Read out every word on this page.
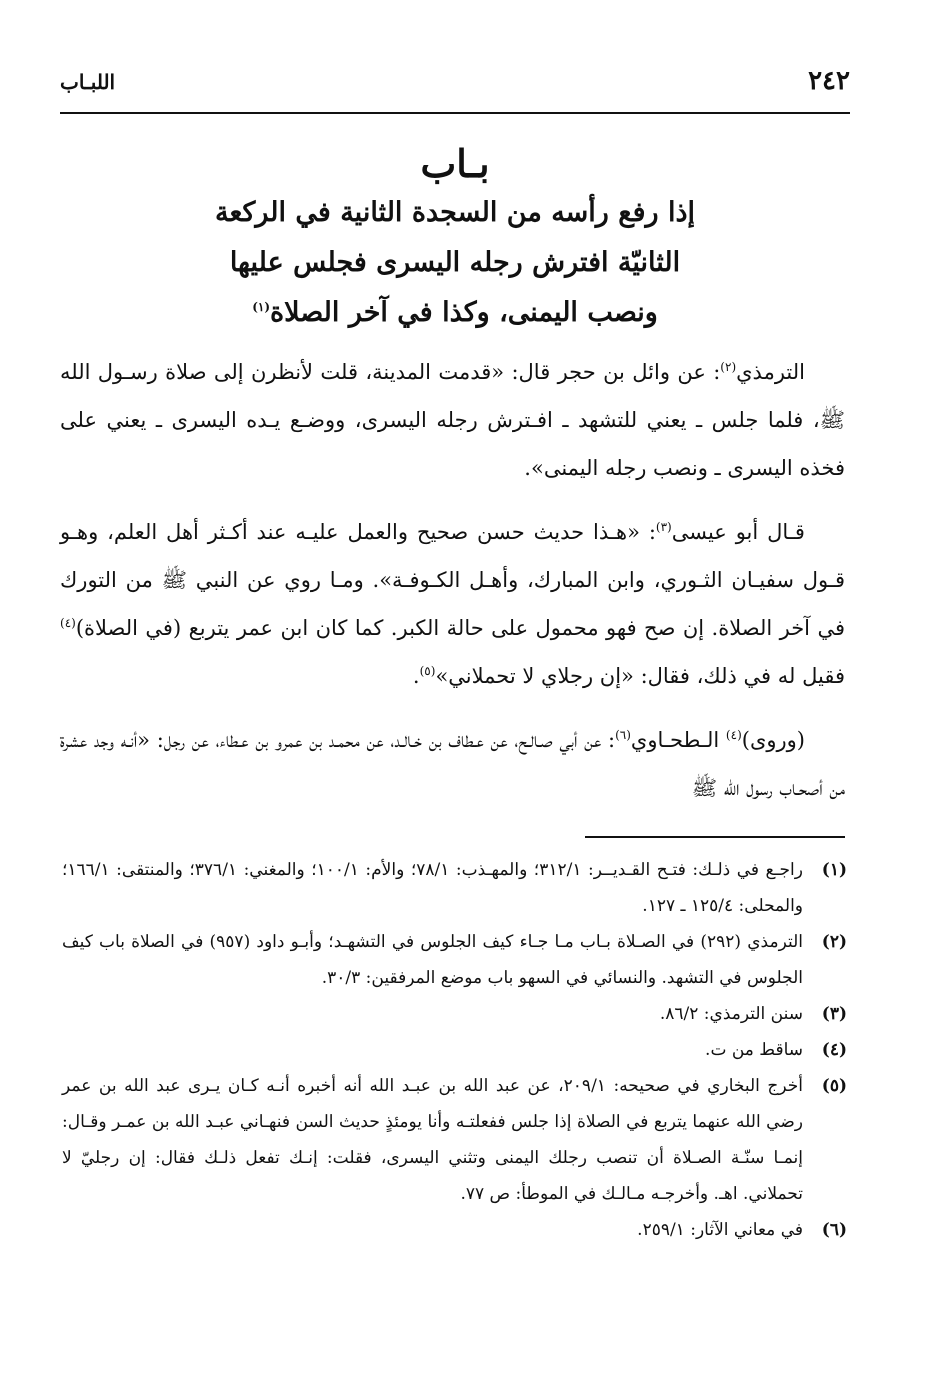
٢٤٢
اللبـاب
بـاب
إذا رفع رأسه من السجدة الثانية في الركعة
الثانيّة افترش رجله اليسرى فجلس عليها
ونصب اليمنى، وكذا في آخر الصلاة$^{(١)}$

الترمذي$^{(٢)}$: عن وائل بن حجر قال: «قدمت المدينة، قلت لأنظرن إلى صلاة رسـول الله ﷺ، فلما جلس ـ يعني للتشهد ـ افـترش رجله اليسرى، ووضـع يـده اليسرى ـ يعني على فخذه اليسرى ـ ونصب رجله اليمنى».

قـال أبو عيسى$^{(٣)}$: «هـذا حديث حسن صحيح والعمل عليـه عند أكـثر أهل العلم، وهـو قـول سفيـان الثـوري، وابن المبارك، وأهـل الكـوفـة». ومـا روي عن النبي ﷺ من التورك في آخر الصلاة. إن صح فهو محمول على حالة الكبر. كما كان ابن عمر يتربع (في الصلاة)$^{(٤)}$ فقيل له في ذلك، فقال: «إن رجلاي لا تحملاني»$^{(٥)}$.

(وروى)$^{(٤)}$ الـطحـاوي$^{(٦)}$: عن أبي صـالـح، عن عـطاف بن خـالـد، عن محمـد بن عمرو بن عـطاء، عن رجل: «أنـه وجد عشرة من أصحـاب رسول الله ﷺ

(١)
راجـع في ذلـك: فتـح القـديــر: ٣١٢/١؛ والمهـذب: ٧٨/١؛ والأم: ١٠٠/١؛ والمغني: ٣٧٦/١؛ والمنتقى: ١٦٦/١؛ والمحلى: ١٢٥/٤ ـ ١٢٧.
(٢)
الترمذي (٢٩٢) في الصـلاة بـاب مـا جـاء كيف الجلوس في التشهـد؛ وأبـو داود (٩٥٧) في الصلاة باب كيف الجلوس في التشهد. والنسائي في السهو باب موضع المرفقين: ٣٠/٣.
(٣)
سنن الترمذي: ٨٦/٢.
(٤)
ساقط من ت.
(٥)
أخرج البخاري في صحيحه: ٢٠٩/١، عن عبد الله بن عبـد الله أنه أخبره أنـه كـان يـرى عبد الله بن عمر رضي الله عنهما يتربع في الصلاة إذا جلس ففعلتـه وأنا يومئذٍ حديث السن فنهـاني عبـد الله بن عمـر وقـال: إنمـا سنّـة الصـلاة أن تنصب رجلك اليمنى وتثني اليسرى، فقلت: إنـك تفعل ذلـك فقال: إن رجليّ لا تحملاني. اهـ. وأخرجـه مـالـك في الموطأ: ص ٧٧.
(٦)
في معاني الآثار: ٢٥٩/١.
